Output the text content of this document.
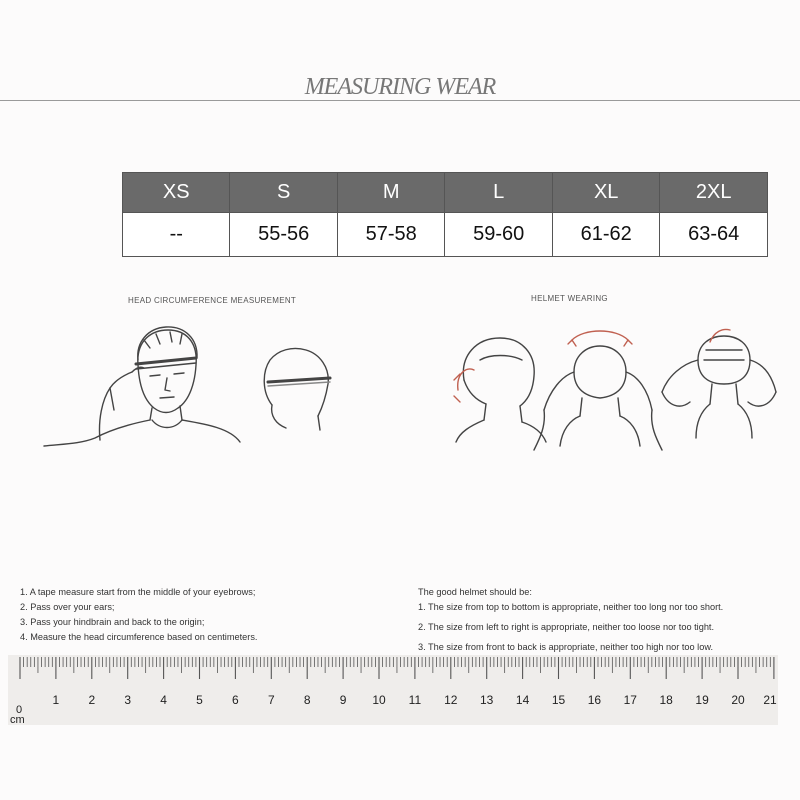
MEASURING WEAR
XS	S	M	L	XL	2XL
--	55-56	57-58	59-60	61-62	63-64
HEAD CIRCUMFERENCE MEASUREMENT	HELMET WEARING
1. A tape measure start from the middle of your eyebrows;
2. Pass over your ears;
3. Pass your hindbrain and back to the origin;
4. Measure the head circumference based on centimeters.
The good helmet should be:
1. The size from top to bottom is appropriate, neither too long nor too short.
2. The size from left to right is appropriate, neither too loose nor too tight.
3. The size from front to back is appropriate, neither too high nor too low.
0
cm
1	2	3	4	5	6	7	8	9	10	11	12 13 14 15 16 17 18 19 20 21
